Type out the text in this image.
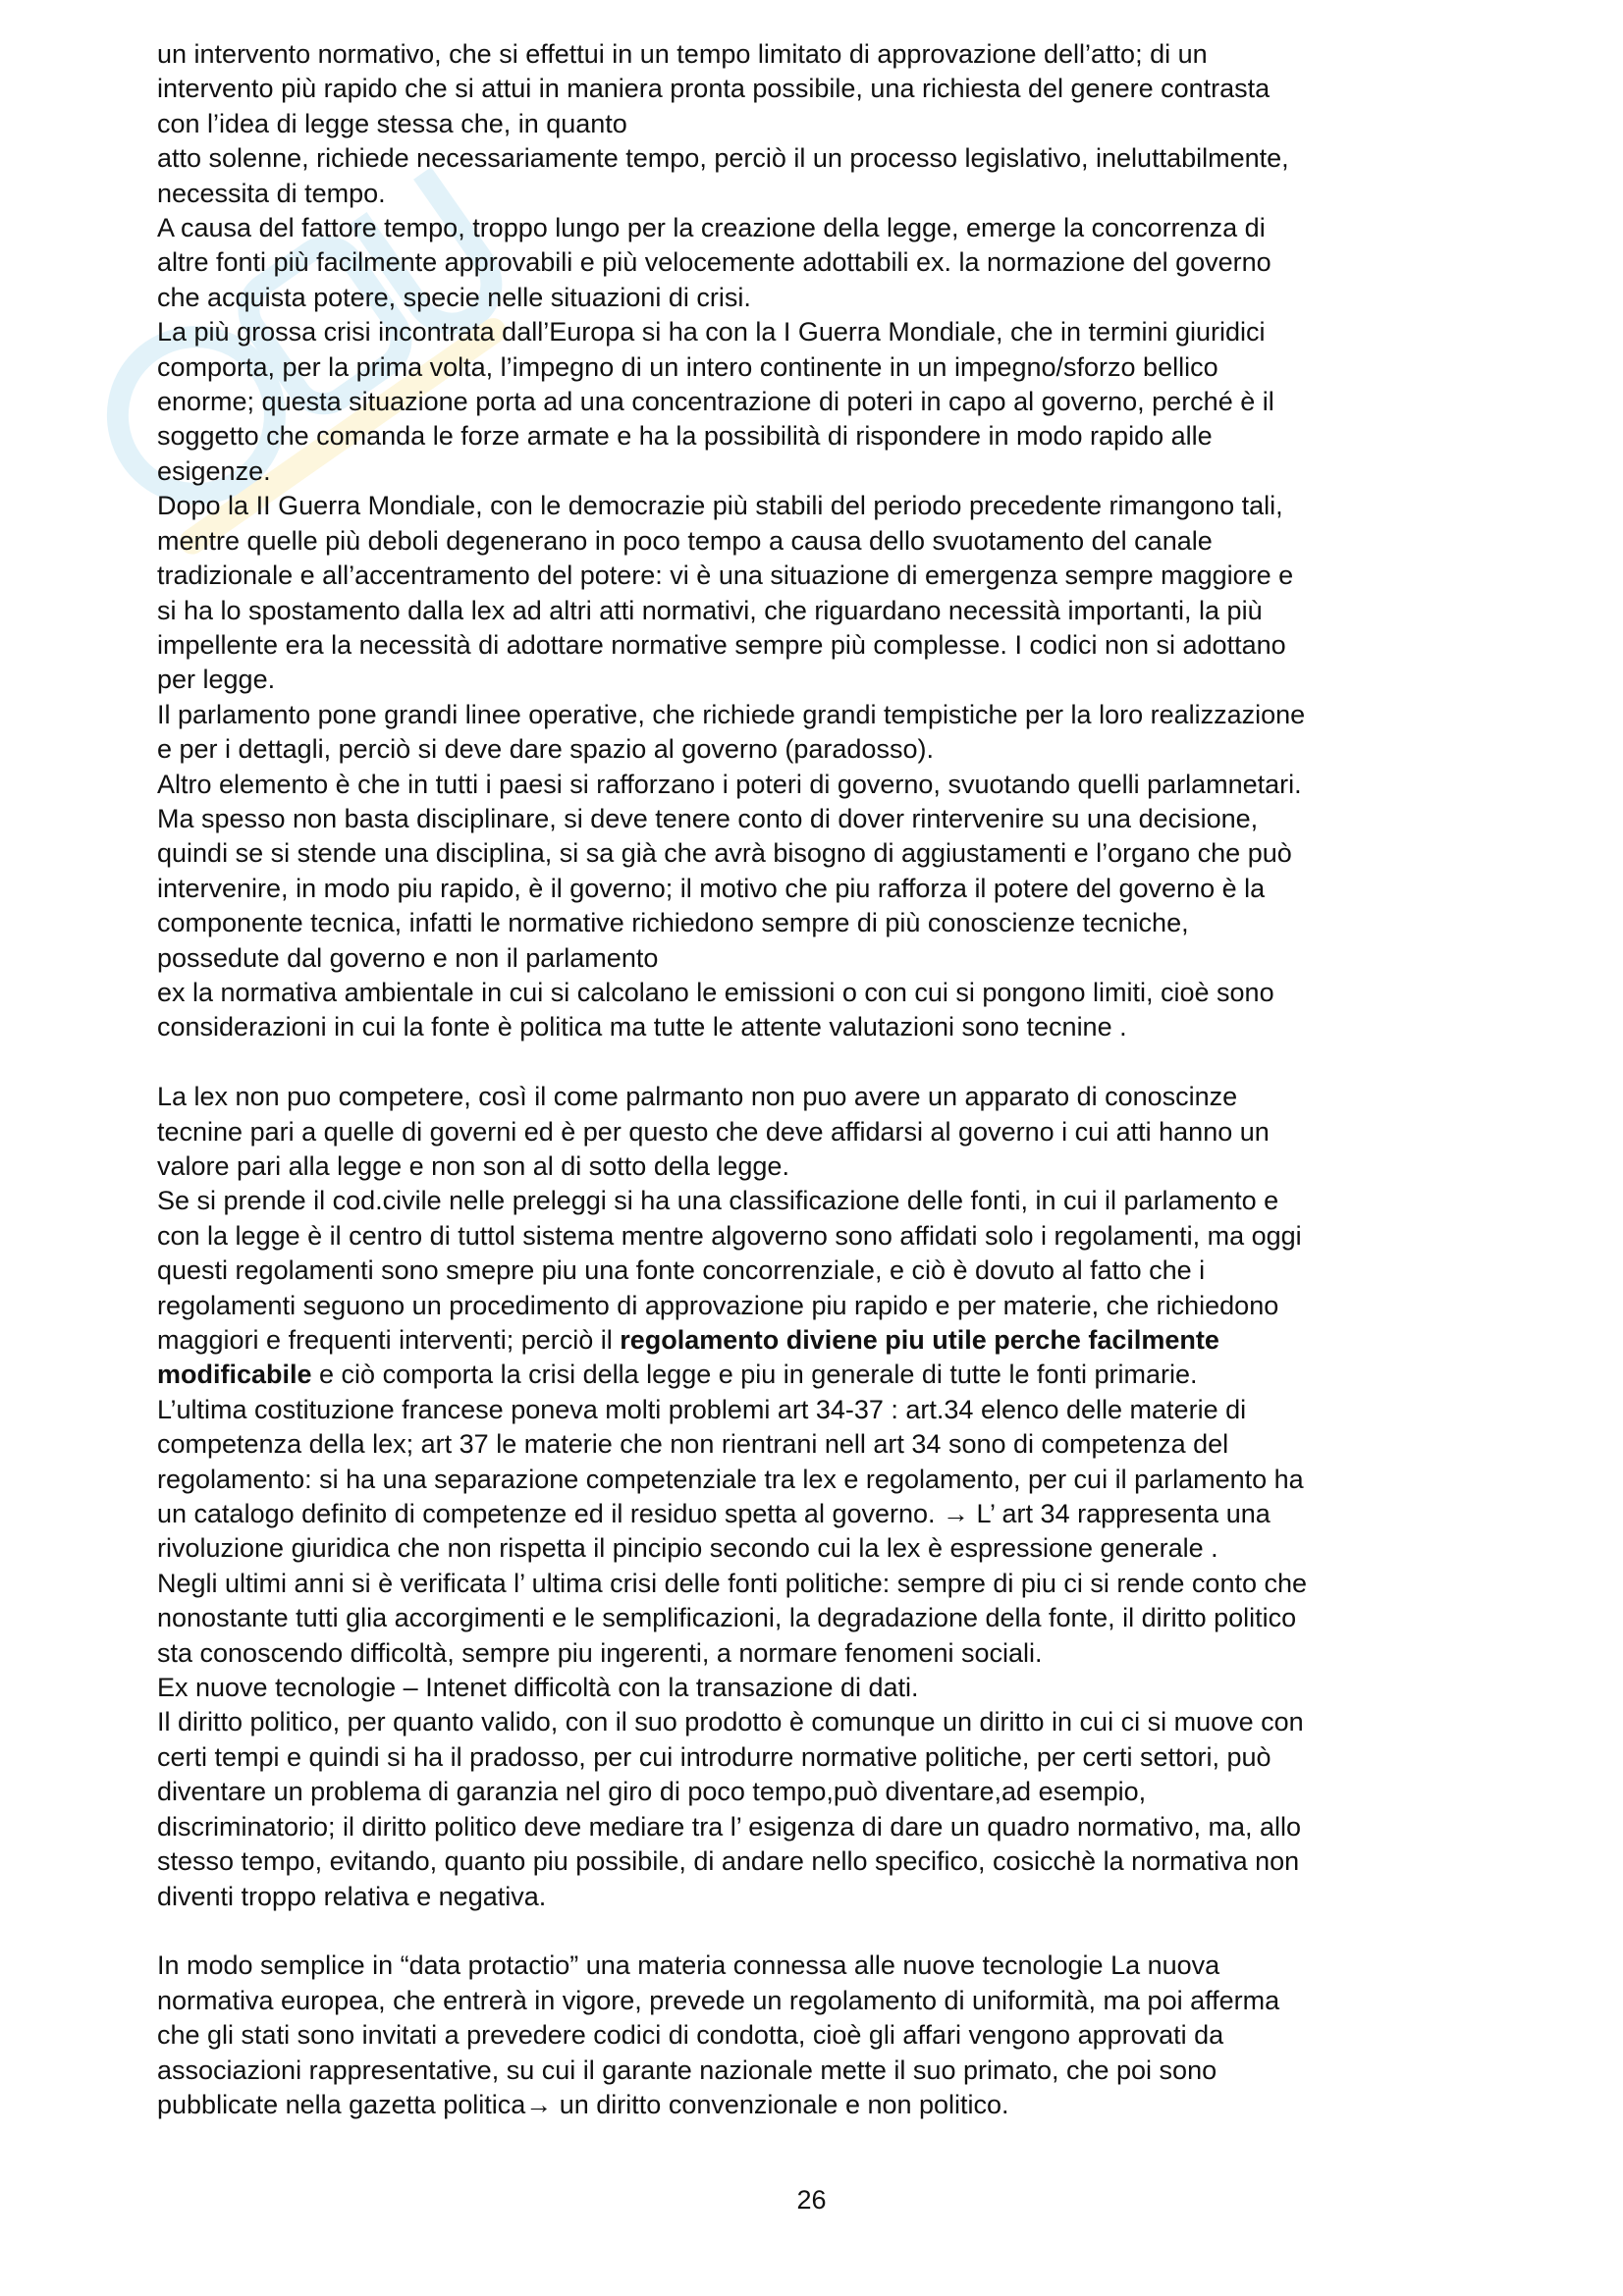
un intervento normativo, che si effettui in un tempo limitato di approvazione dell’atto; di un

intervento più rapido che si attui in maniera pronta possibile, una richiesta del genere contrasta

con l’idea di legge stessa che, in quanto

atto solenne, richiede necessariamente tempo, perciò il un processo legislativo, ineluttabilmente,

necessita di tempo.

A causa del fattore tempo, troppo lungo per la creazione della legge, emerge la concorrenza di

altre fonti più facilmente approvabili e più velocemente adottabili ex. la normazione del governo

che acquista potere, specie nelle situazioni di crisi.

La più grossa crisi incontrata dall’Europa si ha con la I Guerra Mondiale, che in termini giuridici

comporta, per la prima volta, l’impegno di un intero continente in un impegno/sforzo bellico

enorme; questa situazione porta ad una concentrazione di poteri in capo al governo, perché è il

soggetto che comanda le forze armate e ha la possibilità di rispondere in modo rapido alle

esigenze.

Dopo la II Guerra Mondiale, con le democrazie più stabili del periodo precedente rimangono tali,

mentre quelle più deboli degenerano in poco tempo a causa dello svuotamento del canale

tradizionale e all’accentramento del potere: vi è una situazione di emergenza sempre maggiore e

si ha lo spostamento dalla lex ad altri atti normativi, che riguardano necessità importanti, la più

impellente era la necessità di adottare normative sempre più complesse. I codici non si adottano

per legge.

Il parlamento pone grandi linee operative, che richiede grandi tempistiche per la loro realizzazione

e per i dettagli, perciò si deve dare spazio al governo (paradosso).

Altro elemento è che in tutti i paesi si rafforzano i poteri di governo, svuotando quelli parlamnetari.

Ma spesso non basta disciplinare, si deve tenere conto di dover rintervenire su una decisione,

quindi se si stende una disciplina, si sa già che avrà bisogno di aggiustamenti e l’organo che può

intervenire, in modo piu rapido, è il governo; il motivo che piu rafforza il potere del governo è la

componente tecnica, infatti le normative richiedono sempre di più conoscienze tecniche,

possedute dal governo e non il parlamento

ex la normativa ambientale in cui si calcolano le emissioni o con cui si pongono limiti, cioè sono

considerazioni in cui la fonte è politica ma tutte le attente valutazioni sono tecnine .

La lex non puo competere, così il come palrmanto non puo avere un apparato di conoscinze

tecnine pari a quelle di governi ed è per questo che deve affidarsi al governo i cui atti hanno un

valore pari alla legge e non son al di sotto della legge.

Se si prende il cod.civile nelle preleggi si ha una classificazione delle fonti, in cui il parlamento e

con la legge è il centro di tuttol sistema mentre algoverno sono affidati solo i regolamenti, ma oggi

questi regolamenti sono smepre piu una fonte concorrenziale, e ciò è dovuto al fatto che i

regolamenti seguono un procedimento di approvazione piu rapido e per materie, che richiedono

maggiori e frequenti interventi; perciò il regolamento diviene piu utile perche facilmente

modificabile e ciò comporta la crisi della legge e piu in generale di tutte le fonti primarie.

L’ultima costituzione francese poneva molti problemi art 34-37 : art.34 elenco delle materie di

competenza della lex; art 37 le materie che non rientrani nell art 34 sono di competenza del

regolamento: si ha una separazione competenziale tra lex e regolamento, per cui il parlamento ha

un catalogo definito di competenze ed il residuo spetta al governo. → L’ art 34 rappresenta una

rivoluzione giuridica che non rispetta il pincipio secondo cui la lex è espressione generale .

Negli ultimi anni si è verificata l’ ultima crisi delle fonti politiche: sempre di piu ci si rende conto che

nonostante tutti glia accorgimenti e le semplificazioni, la degradazione della fonte, il diritto politico

sta conoscendo difficoltà, sempre piu ingerenti, a normare fenomeni sociali.

Ex nuove tecnologie – Intenet difficoltà con la transazione di dati.

Il diritto politico, per quanto valido, con il suo prodotto è comunque un diritto in cui ci si muove con

certi tempi e quindi si ha il pradosso, per cui introdurre normative politiche, per certi settori, può

diventare un problema di garanzia nel giro di poco tempo,può diventare,ad esempio,

discriminatorio; il diritto politico deve mediare tra l’ esigenza di dare un quadro normativo, ma, allo

stesso tempo, evitando, quanto piu possibile, di andare nello specifico, cosicchè la normativa non

diventi troppo relativa e negativa.

In modo semplice in “data protactio” una materia connessa alle nuove tecnologie La nuova

normativa europea, che entrerà in vigore, prevede un regolamento di uniformità, ma poi afferma

che gli stati sono invitati a prevedere codici di condotta, cioè gli affari vengono approvati da

associazioni rappresentative, su cui il garante nazionale mette il suo primato, che poi sono

pubblicate nella gazetta politica→ un diritto convenzionale e non politico.

26
